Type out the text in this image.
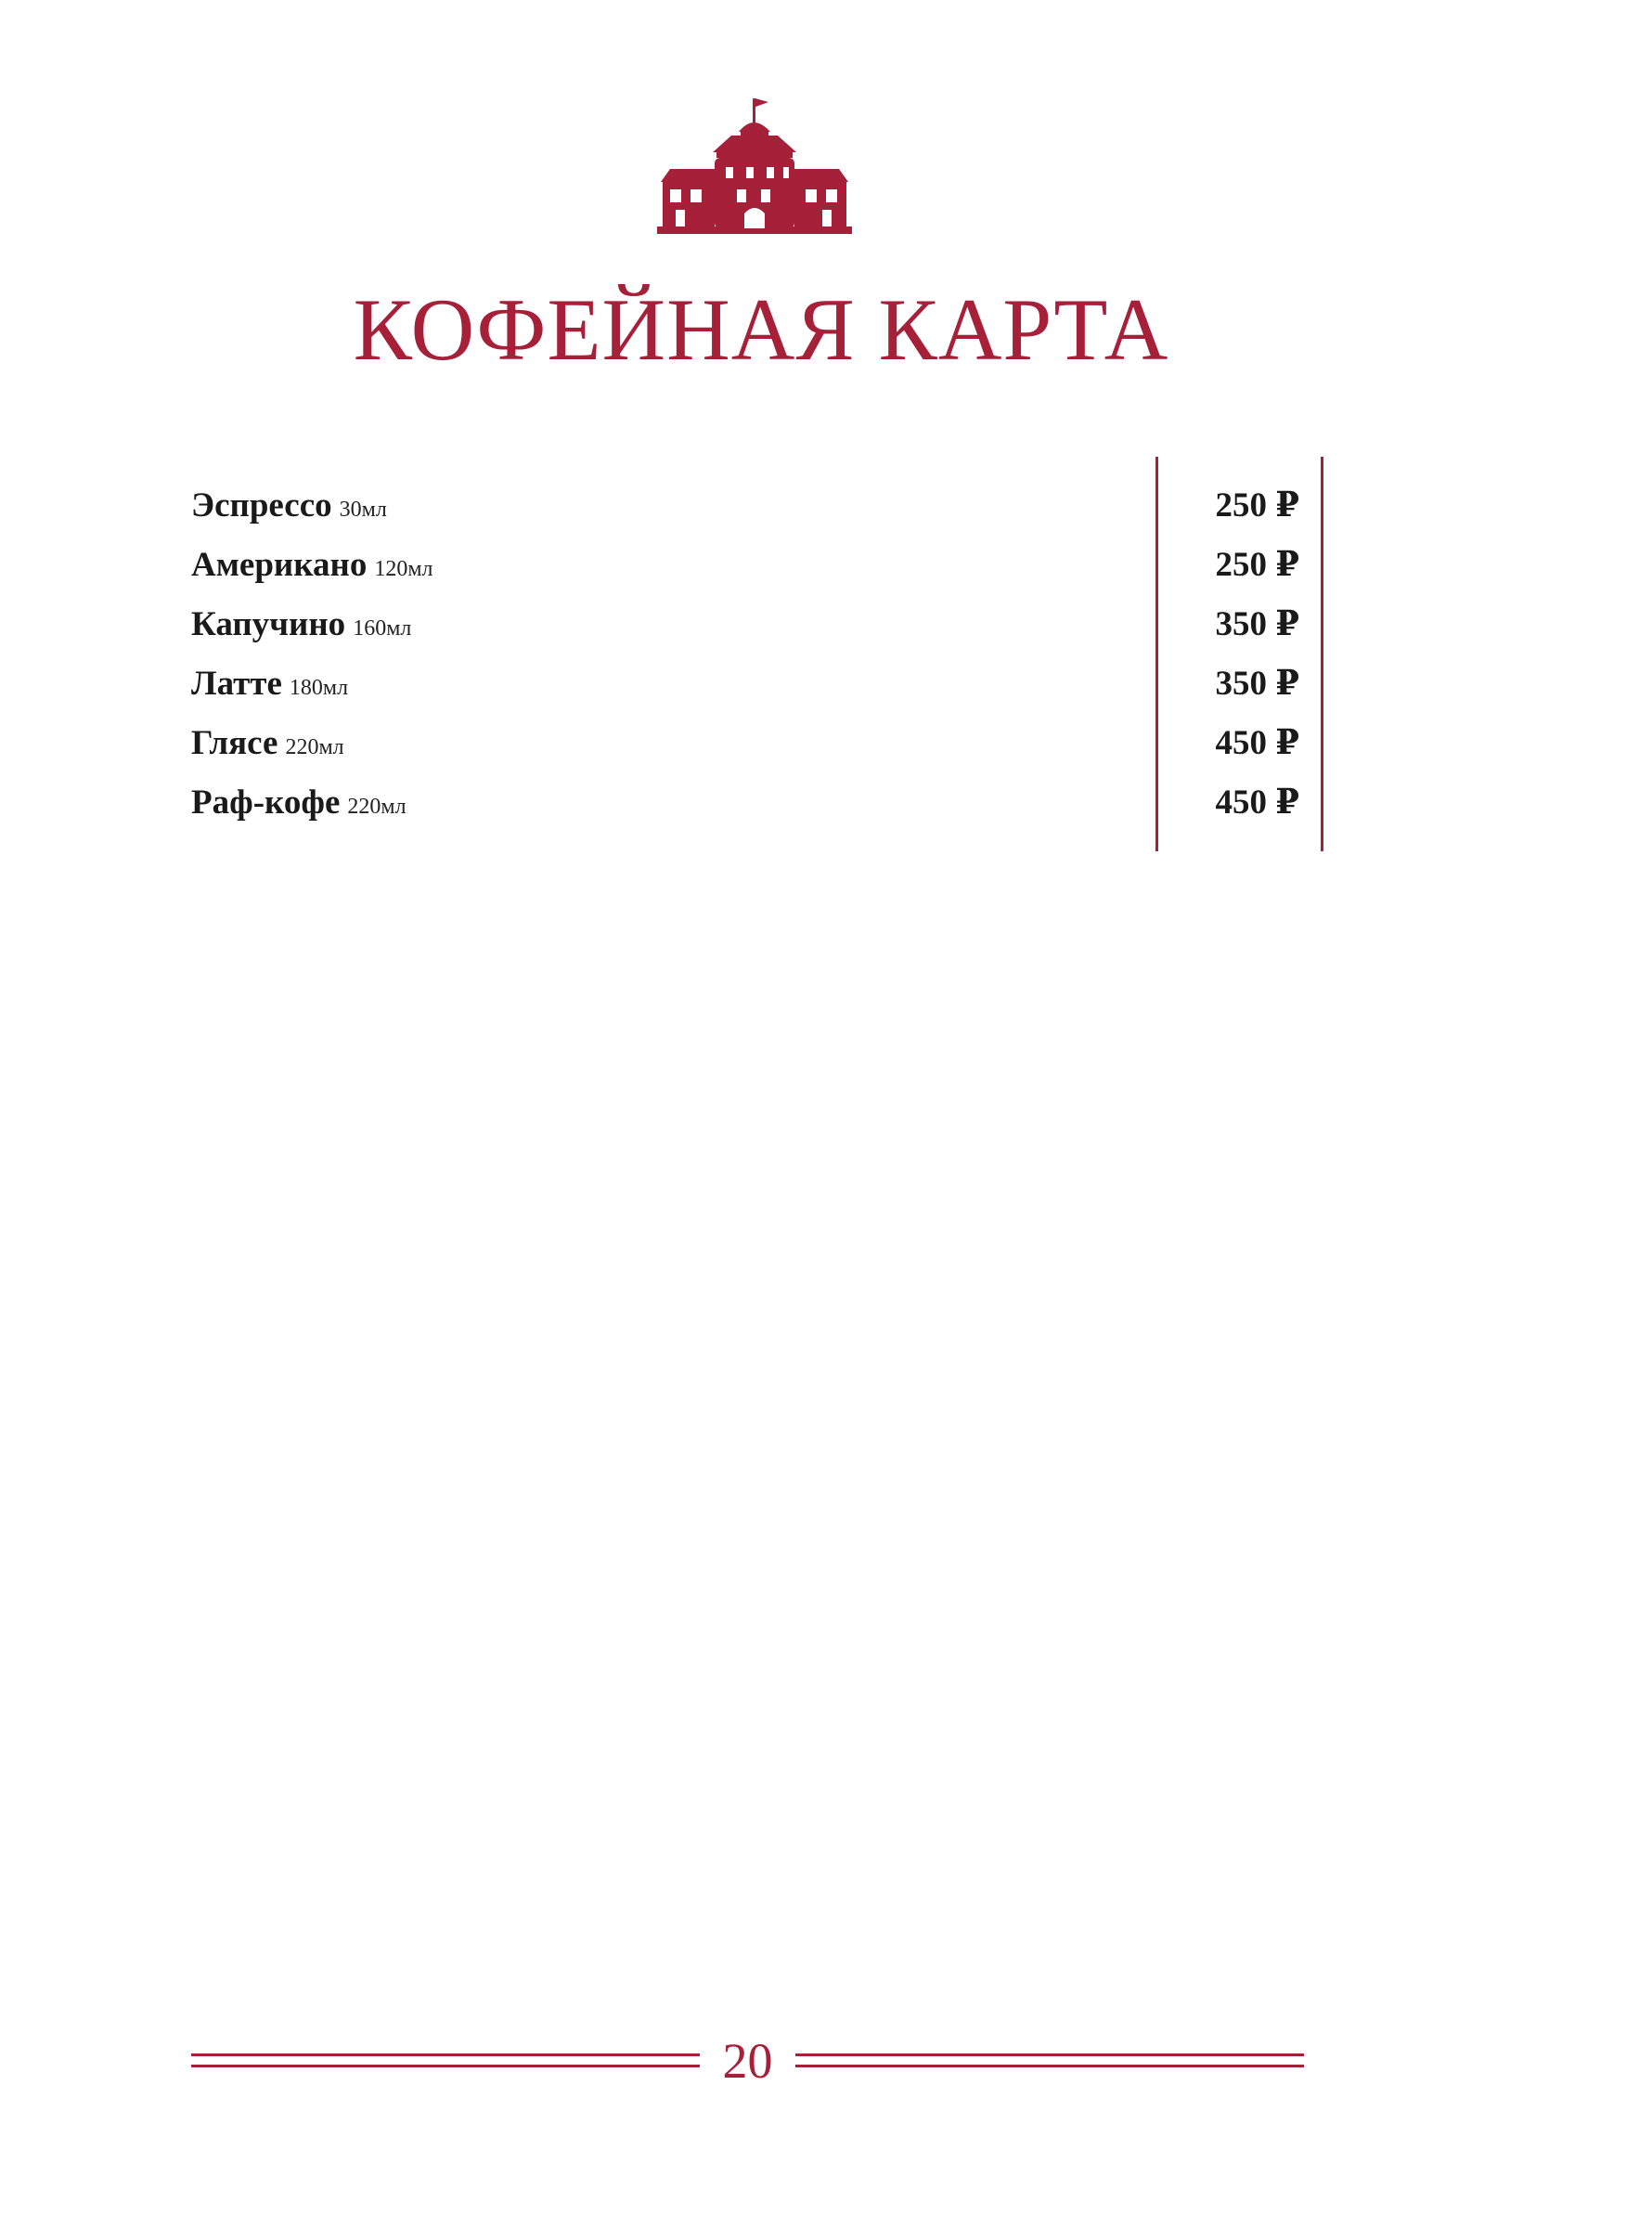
КОФЕЙНАЯ КАРТА
Эспрессо 30мл	250 ₽
Американо 120мл	250 ₽
Капучино 160мл	350 ₽
Латте 180мл	350 ₽
Глясе 220мл	450 ₽
Раф-кофе 220мл	450 ₽
20
